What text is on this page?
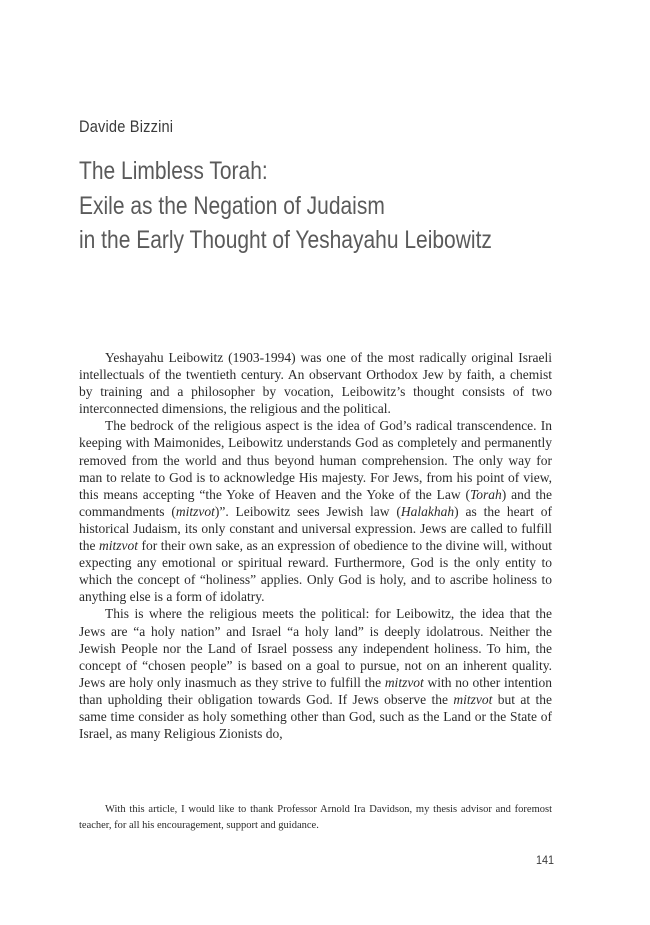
Davide Bizzini
The Limbless Torah:
Exile as the Negation of Judaism
in the Early Thought of Yeshayahu Leibowitz

Yeshayahu Leibowitz (1903-1994) was one of the most radically original Israeli intellectuals of the twentieth century. An observant Orthodox Jew by faith, a chemist by training and a philosopher by vocation, Leibowitz’s thought consists of two interconnected dimensions, the religious and the political.

The bedrock of the religious aspect is the idea of God’s radical transcendence. In keeping with Maimonides, Leibowitz understands God as completely and permanently removed from the world and thus beyond human comprehension. The only way for man to relate to God is to acknowledge His majesty. For Jews, from his point of view, this means accepting “the Yoke of Heaven and the Yoke of the Law (Torah) and the commandments (mitzvot)”. Leibowitz sees Jewish law (Halakhah) as the heart of historical Judaism, its only constant and universal expression. Jews are called to fulfill the mitzvot for their own sake, as an expression of obedience to the divine will, without expecting any emotional or spiritual reward. Furthermore, God is the only entity to which the concept of “holiness” applies. Only God is holy, and to ascribe holiness to anything else is a form of idolatry.

This is where the religious meets the political: for Leibowitz, the idea that the Jews are “a holy nation” and Israel “a holy land” is deeply idolatrous. Neither the Jewish People nor the Land of Israel possess any independent holiness. To him, the concept of “chosen people” is based on a goal to pursue, not on an inherent quality. Jews are holy only inasmuch as they strive to fulfill the mitzvot with no other intention than upholding their obligation towards God. If Jews observe the mitzvot but at the same time consider as holy something other than God, such as the Land or the State of Israel, as many Religious Zionists do,

With this article, I would like to thank Professor Arnold Ira Davidson, my thesis advisor and foremost teacher, for all his encouragement, support and guidance.
141
